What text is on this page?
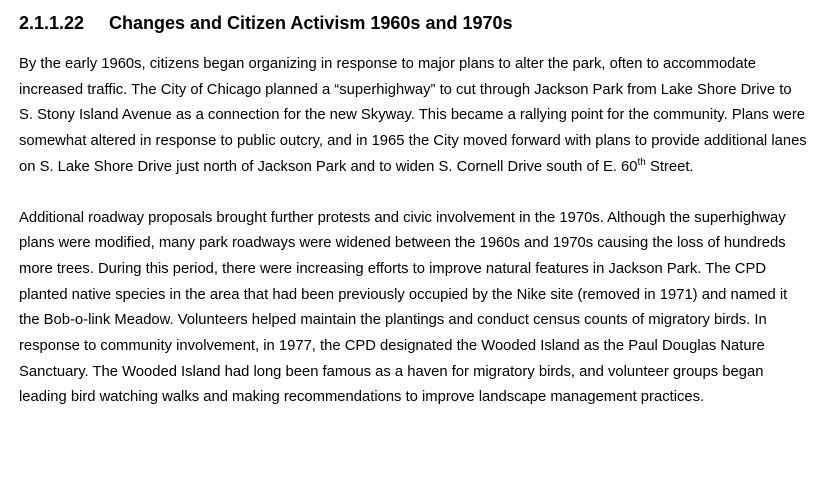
2.1.1.22 Changes and Citizen Activism 1960s and 1970s

By the early 1960s, citizens began organizing in response to major plans to alter the park, often to accommodate increased traffic. The City of Chicago planned a “superhighway” to cut through Jackson Park from Lake Shore Drive to S. Stony Island Avenue as a connection for the new Skyway. This became a rallying point for the community. Plans were somewhat altered in response to public outcry, and in 1965 the City moved forward with plans to provide additional lanes on S. Lake Shore Drive just north of Jackson Park and to widen S. Cornell Drive south of E. 60th Street.

Additional roadway proposals brought further protests and civic involvement in the 1970s. Although the superhighway plans were modified, many park roadways were widened between the 1960s and 1970s causing the loss of hundreds more trees. During this period, there were increasing efforts to improve natural features in Jackson Park. The CPD planted native species in the area that had been previously occupied by the Nike site (removed in 1971) and named it the Bob-o-link Meadow. Volunteers helped maintain the plantings and conduct census counts of migratory birds. In response to community involvement, in 1977, the CPD designated the Wooded Island as the Paul Douglas Nature Sanctuary. The Wooded Island had long been famous as a haven for migratory birds, and volunteer groups began leading bird watching walks and making recommendations to improve landscape management practices.
